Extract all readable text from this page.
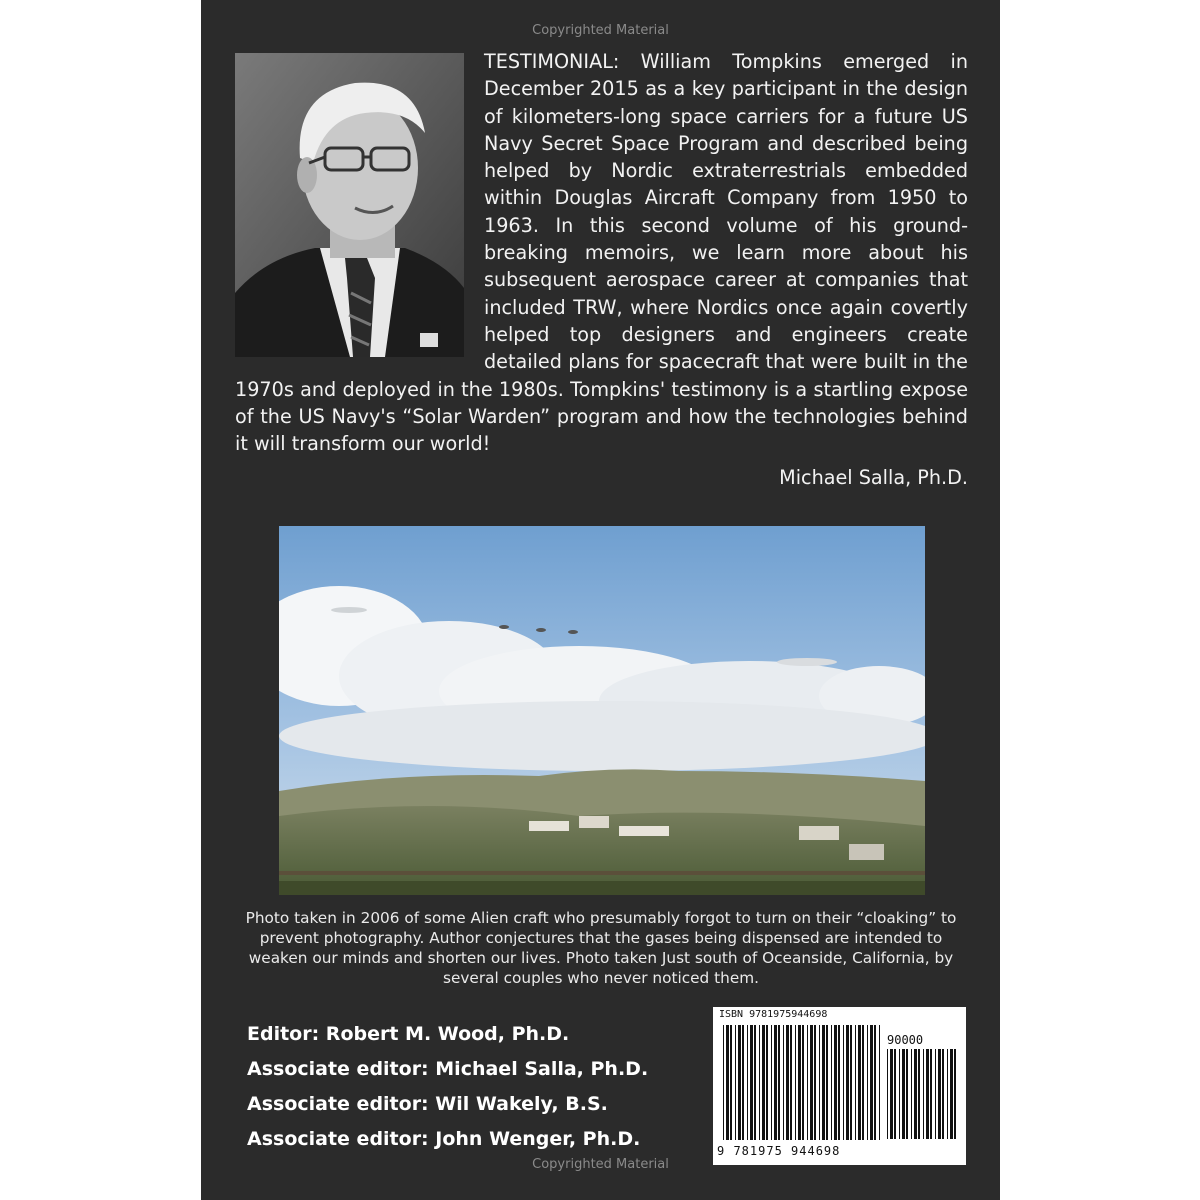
Copyrighted Material

TESTIMONIAL: William Tompkins emerged in December 2015 as a key participant in the design of kilometers-long space carriers for a future US Navy Secret Space Program and described being helped by Nordic extraterrestrials embedded within Douglas Aircraft Company from 1950 to 1963. In this second volume of his ground-breaking memoirs, we learn more about his subsequent aerospace career at companies that included TRW, where Nordics once again covertly helped top designers and engineers create detailed plans for spacecraft that were built in the 1970s and deployed in the 1980s. Tompkins' testimony is a startling expose of the US Navy's “Solar Warden” program and how the technologies behind it will transform our world!

Michael Salla, Ph.D.

Photo taken in 2006 of some Alien craft who presumably forgot to turn on their “cloaking” to prevent photography. Author conjectures that the gases being dispensed are intended to weaken our minds and shorten our lives. Photo taken Just south of Oceanside, California, by several couples who never noticed them.

Editor: Robert M. Wood, Ph.D.
Associate editor: Michael Salla, Ph.D.
Associate editor: Wil Wakely, B.S.
Associate editor: John Wenger, Ph.D.
ISBN 9781975944698
90000
9 781975 944698
Copyrighted Material
